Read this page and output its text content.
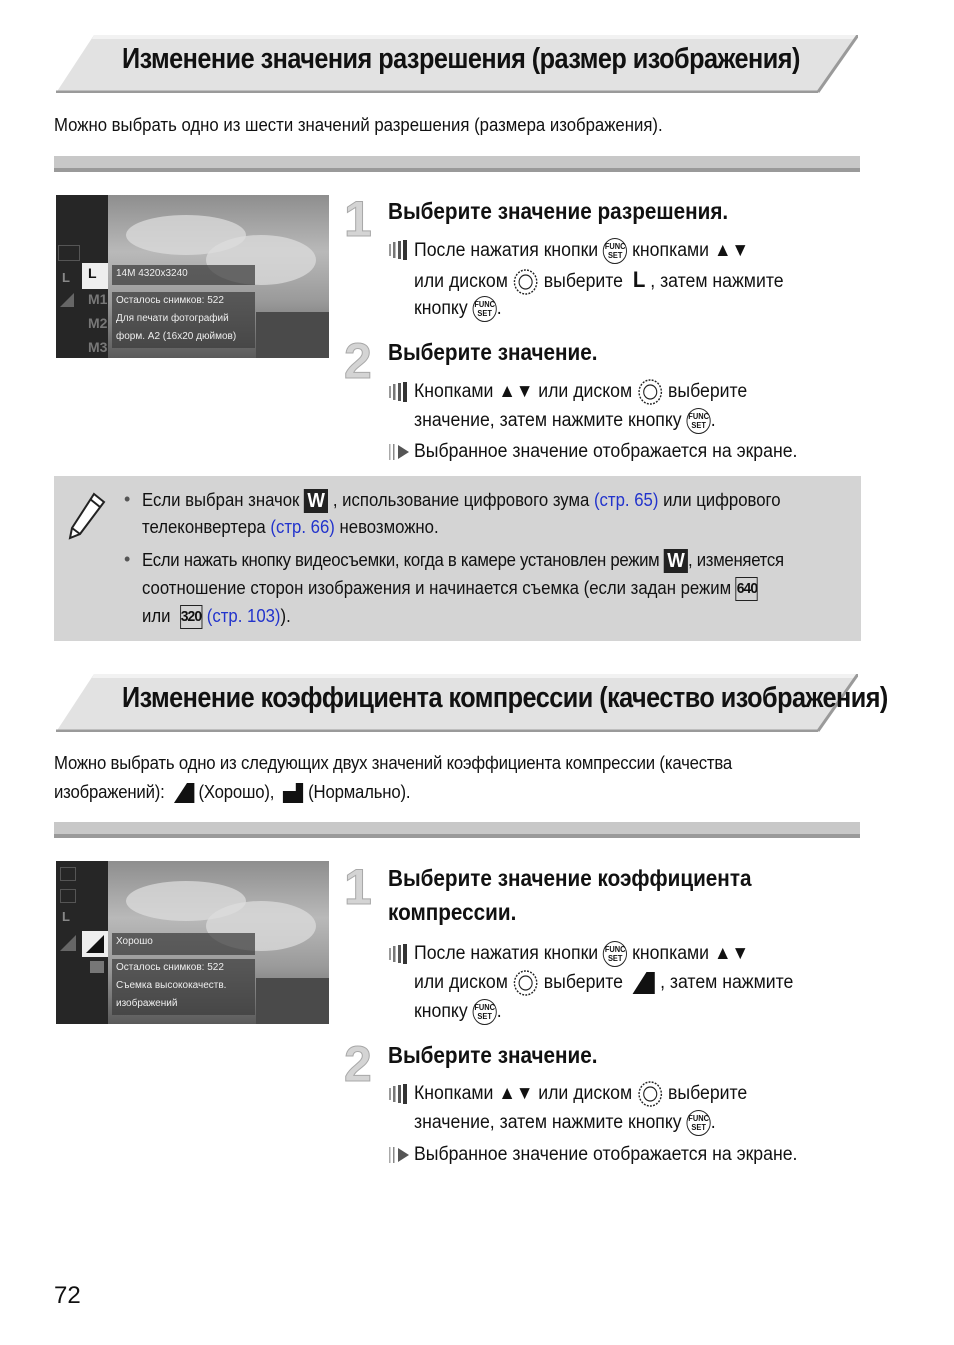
Изменение значения разрешения (размер изображения)
Можно выбрать одно из шести значений разрешения (размера изображения).
L L
M1
M2
M3
14M 4320x3240
Осталось снимков: 522
Для печати фотографий
форм. A2 (16x20 дюймов)
1 Выберите значение разрешения.
После нажатия кнопки FUNC
SET кнопками ▲▼
или диском выберите L , затем нажмите
кнопку FUNC
SET .
2 Выберите значение.
Кнопками ▲▼ или диском выберите
значение, затем нажмите кнопку FUNC
SET .
Выбранное значение отображается на экране.
• Если выбран значок W , использование цифрового зума (стр. 65) или цифрового
телеконвертера (стр. 66) невозможно.
• Если нажать кнопку видеосъемки, когда в камере установлен режим W , изменяется
соотношение сторон изображения и начинается съемка (если задан режим 640
или 320 (стр. 103)).
Изменение коэффициента компрессии (качество изображения)
Можно выбрать одно из следующих двух значений коэффициента компрессии (качества
изображений): (Хорошо), (Нормально).
L
Хорошо
Осталось снимков: 522
Съемка высококачеств.
изображений
1 Выберите значение коэффициента
компрессии.
После нажатия кнопки FUNC
SET кнопками ▲▼
или диском выберите , затем нажмите
кнопку FUNC
SET .
2 Выберите значение.
Кнопками ▲▼ или диском выберите
значение, затем нажмите кнопку FUNC
SET .
Выбранное значение отображается на экране.
72
